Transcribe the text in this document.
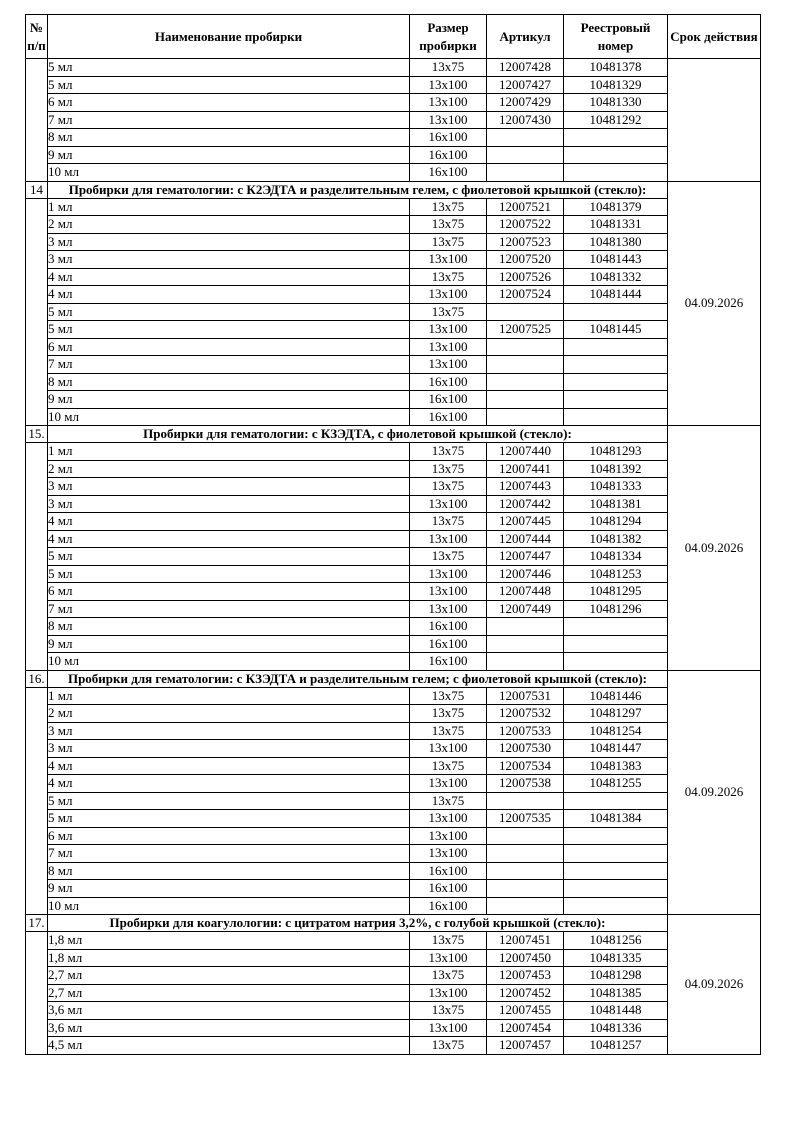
№ п/п	Наименование пробирки	Размер пробирки	Артикул	Реестровый номер	Срок действия
	5 мл	13x75	12007428	10481378	
	5 мл	13x100	12007427	10481329	
	6 мл	13x100	12007429	10481330	
	7 мл	13x100	12007430	10481292	
	8 мл	16x100			
	9 мл	16x100			
	10 мл	16x100			
14	Пробирки для гематологии: с К2ЭДТА и разделительным гелем, с фиолетовой крышкой (стекло):				04.09.2026
	1 мл	13x75	12007521	10481379	
	2 мл	13x75	12007522	10481331	
	3 мл	13x75	12007523	10481380	
	3 мл	13x100	12007520	10481443	
	4 мл	13x75	12007526	10481332	
	4 мл	13x100	12007524	10481444	
	5 мл	13x75			
	5 мл	13x100	12007525	10481445	
	6 мл	13x100			
	7 мл	13x100			
	8 мл	16x100			
	9 мл	16x100			
	10 мл	16x100			
15.	Пробирки для гематологии: с КЗЭДТА, с фиолетовой крышкой (стекло):				04.09.2026
	1 мл	13x75	12007440	10481293	
	2 мл	13x75	12007441	10481392	
	3 мл	13x75	12007443	10481333	
	3 мл	13x100	12007442	10481381	
	4 мл	13x75	12007445	10481294	
	4 мл	13x100	12007444	10481382	
	5 мл	13x75	12007447	10481334	
	5 мл	13x100	12007446	10481253	
	6 мл	13x100	12007448	10481295	
	7 мл	13x100	12007449	10481296	
	8 мл	16x100			
	9 мл	16x100			
	10 мл	16x100			
16.	Пробирки для гематологии: с КЗЭДТА и разделительным гелем; с фиолетовой крышкой (стекло):				04.09.2026
	1 мл	13x75	12007531	10481446	
	2 мл	13x75	12007532	10481297	
	3 мл	13x75	12007533	10481254	
	3 мл	13x100	12007530	10481447	
	4 мл	13x75	12007534	10481383	
	4 мл	13x100	12007538	10481255	
	5 мл	13x75			
	5 мл	13x100	12007535	10481384	
	6 мл	13x100			
	7 мл	13x100			
	8 мл	16x100			
	9 мл	16x100			
	10 мл	16x100			
17.	Пробирки для коагулологии: с цитратом натрия 3,2%, с голубой крышкой (стекло):				04.09.2026
	1,8 мл	13x75	12007451	10481256	
	1,8 мл	13x100	12007450	10481335	
	2,7 мл	13x75	12007453	10481298	
	2,7 мл	13x100	12007452	10481385	
	3,6 мл	13x75	12007455	10481448	
	3,6 мл	13x100	12007454	10481336	
	4,5 мл	13x75	12007457	10481257	
